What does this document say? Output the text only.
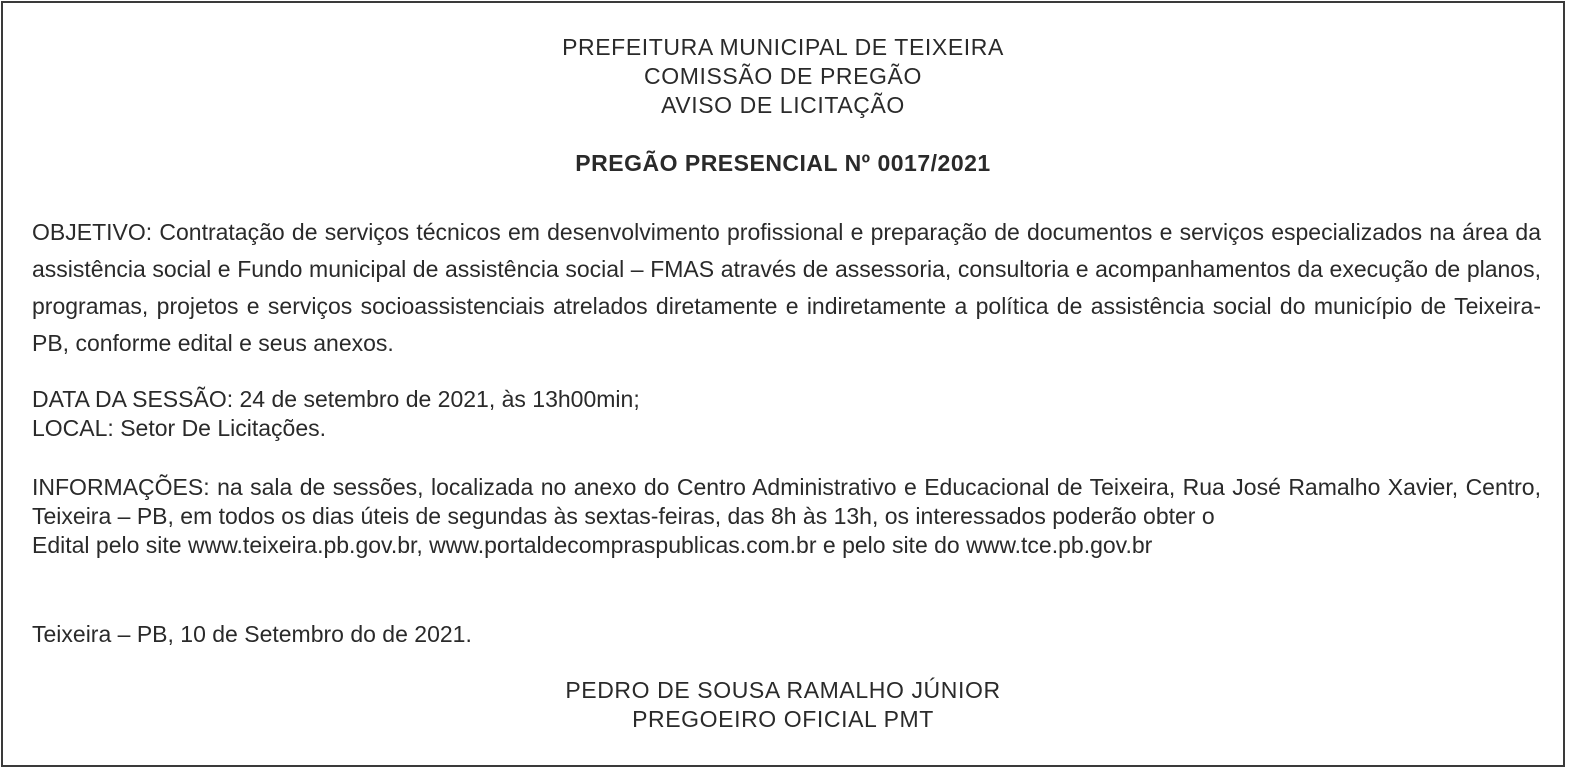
PREFEITURA MUNICIPAL DE TEIXEIRA
COMISSÃO DE PREGÃO
AVISO DE LICITAÇÃO
PREGÃO PRESENCIAL Nº 0017/2021
OBJETIVO: Contratação de serviços técnicos em desenvolvimento profissional e preparação de documentos e serviços especializados na área da assistência social e Fundo municipal de assistência social – FMAS através de assessoria, consultoria e acompanhamentos da execução de planos, programas, projetos e serviços socioassistenciais atrelados diretamente e indiretamente a política de assistência social do município de Teixeira-PB, conforme edital e seus anexos.
DATA DA SESSÃO: 24 de setembro de 2021, às 13h00min;
LOCAL: Setor De Licitações.
INFORMAÇÕES: na sala de sessões, localizada no anexo do Centro Administrativo e Educacional de Teixeira, Rua José Ramalho Xavier, Centro, Teixeira – PB, em todos os dias úteis de segundas às sextas-feiras, das 8h às 13h, os interessados poderão obter o
Edital pelo site www.teixeira.pb.gov.br, www.portaldecompraspublicas.com.br e pelo site do www.tce.pb.gov.br
Teixeira – PB, 10 de Setembro do de 2021.
PEDRO DE SOUSA RAMALHO JÚNIOR
PREGOEIRO OFICIAL PMT
